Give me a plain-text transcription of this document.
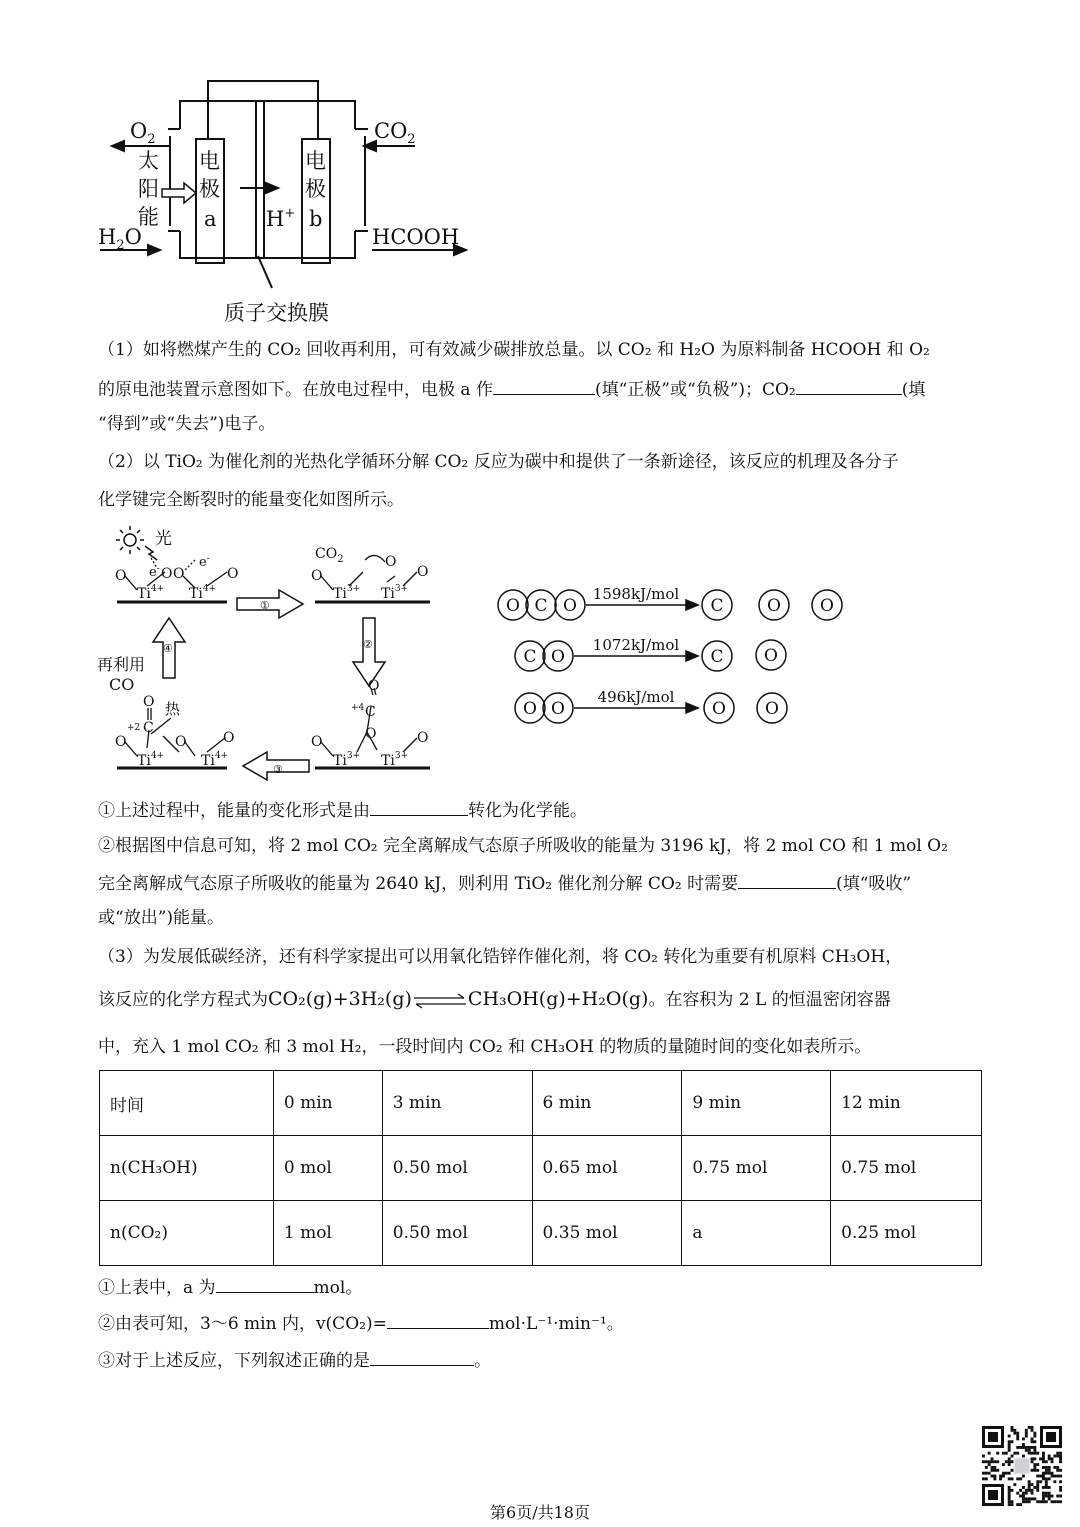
$O_2$
$H_2O$
$CO_2$
HCOOH
太
阳
能
电
极
a
电
极
b
H+
质子交换膜
（1）如将燃煤产生的 CO₂ 回收再利用，可有效减少碳排放总量。以 CO₂ 和 H₂O 为原料制备 HCOOH 和 O₂
的原电池装置示意图如下。在放电过程中，电极 a 作	(填“正极”或“负极”)；CO₂	(填
“得到”或“失去”)电子。
（2）以 TiO₂ 为催化剂的光热化学循环分解 CO₂ 反应为碳中和提供了一条新途径，该反应的机理及各分子
化学键完全断裂时的能量变化如图所示。
光
e-	e-
O O O	O
$Ti^{4+}$ $Ti^{4+}$
$CO_2$	O
O	O
$Ti^{3+}$ $Ti^{3+}$
O
+4 C
O
O	O
$Ti^{3+}$ $Ti^{3+}$
再利用
CO
O 热
+2 C
O	O	O
$Ti^{4+}$	$Ti^{4+}$
①
②
③
④
O C O	C	O O
C O	C O
O O	O O
1598kJ/mol
1072kJ/mol
496kJ/mol
①上述过程中，能量的变化形式是由	转化为化学能。
②根据图中信息可知，将 2 mol CO₂ 完全离解成气态原子所吸收的能量为 3196 kJ，将 2 mol CO 和 1 mol O₂
完全离解成气态原子所吸收的能量为 2640 kJ，则利用 TiO₂ 催化剂分解 CO₂ 时需要	(填“吸收”
或“放出”)能量。
（3）为发展低碳经济，还有科学家提出可以用氧化锆锌作催化剂，将 CO₂ 转化为重要有机原料 CH₃OH，
该反应的化学方程式为CO₂(g)+3H₂(g)⇌CH₃OH(g)+H₂O(g)。在容积为 2 L 的恒温密闭容器
中，充入 1 mol CO₂ 和 3 mol H₂，一段时间内 CO₂ 和 CH₃OH 的物质的量随时间的变化如表所示。
时间	0 min	3 min	6 min	9 min	12 min
n(CH₃OH)	0 mol	0.50 mol	0.65 mol	0.75 mol	0.75 mol
n(CO₂)	1 mol	0.50 mol	0.35 mol	a	0.25 mol
①上表中，a 为	mol。
②由表可知，3～6 min 内，v(CO₂)=	mol·L⁻¹·min⁻¹。
③对于上述反应，下列叙述正确的是	。
第6页/共18页
